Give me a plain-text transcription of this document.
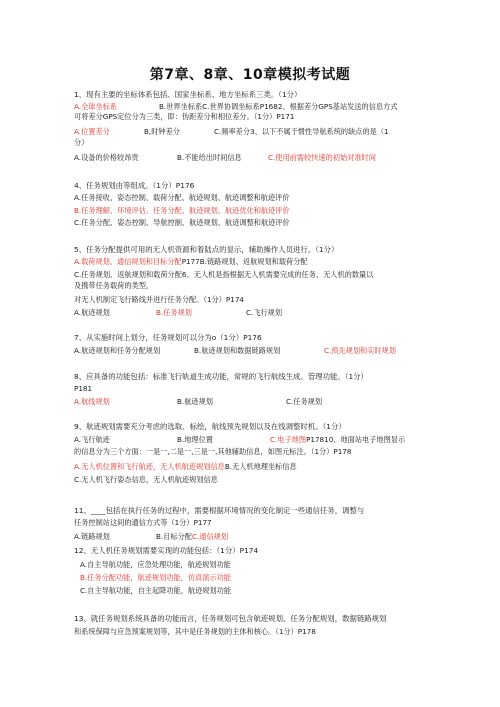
第7章、8章、10章模拟考试题
1、现有主要的坐标体系包括、国家坐标系、地方坐标系三类。（1分）
A.全球坐标系	B.世界坐标系C.世界协调坐标系P1682、根据差分GPS基站发送的信息方式
可将差分GPS定位分为三类，即：伪距差分和相位差分。（1分）P171
A.位置差分	B,时钟差分	C.频率差分3、以下不属于惯性导航系统的缺点的是（1
分）
A.设备的价格较昂贵	B.不能给出时间信息	C.使用前需较快速的初始对准时间
4、任务规划由等组成。（1分）P176
A.任务接收、姿态控制、载荷分配、航迹规划、航迹调整和航迹评价
B.任务理解、环境评估、任务分配、航迹规划、航迹优化和航迹评价
C.任务分配、姿态控制、导航控制、航迹规划、航迹调整和航迹评价
5、任务分配提供可用的无人机资源和着陆点的显示，辅助操作人员进行。（1分）
A.载荷规划、通信规划和目标分配P177B.链路规划、返航规划和载荷分配
C.任务规划、返航规划和载荷分配6、无人机是指根据无人机需要完成的任务、无人机的数量以
及携带任务载荷的类型，
对无人机制定飞行路线并进行任务分配。（1分）P174
A.航迹规划	B.任务规划	C.飞行规划
7、从实施时间上划分，任务规划可以分为o（1分）P176
A.航迹规划和任务分配规划	B.航迹规划和数据链路规划	C.预先规划和实时规划
8、应具备的功能包括：标准飞行轨道生成功能，常规的飞行航线生成、管理功能。（1分）
P181
A.航线规划	B.航迹规划	C.任务规划
9、航迹规划需要充分考虑的选取、标绘，航线预先规划以及在线调整时机。（1分）
A.飞行航迹	B.地理位置	C.电子地图P17810、地面站电子地图显示
的信息分为三个方面：一是一,二是一,三是一,其他辅助信息，如图元标注。（1分）P178
A.无人机位置和飞行航迹，无人机航迹规划信息B.无人机地理坐标信息
C.无人机飞行姿态信息，无人机航迹规划信息
11、____包括在执行任务的过程中，需要根据环境情况的变化制定一些通信任务，调整与
任务控制站这间的通信方式等（1分）P177
A.链路规划	B.目标分配C.通信规划
12、无人机任务规划需要实现的功能包括：（1分）P174
A.自主导航功能，应急处理功能，航迹规划功能
B.任务分配功能，航迹规划功能，仿真演示功能
C.自主导航功能，自主起降功能，航迹规划功能
13、就任务规划系统具备的功能而言，任务规划可包含航迹规划、任务分配规划，数据链路规划
和系统保障与应急预案规划等，其中是任务规划的主体和核心。（1分）P178
